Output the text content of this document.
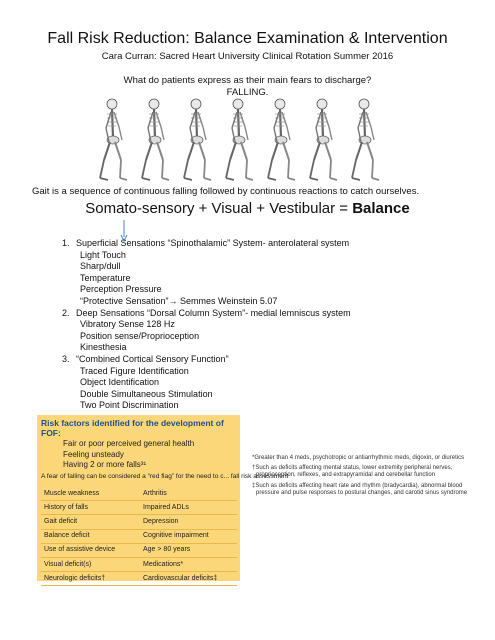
Fall Risk Reduction: Balance Examination & Intervention
Cara Curran: Sacred Heart University Clinical Rotation Summer 2016
What do patients express as their main fears to discharge?
FALLING.
Gait is a sequence of continuous falling followed by continuous reactions to catch ourselves.
Somato-sensory + Visual + Vestibular = Balance
1. Superficial Sensations “Spinothalamic” System- anterolateral system
Light Touch
Sharp/dull
Temperature
Perception Pressure
“Protective Sensation”→ Semmes Weinstein 5.07
2. Deep Sensations “Dorsal Column System”- medial lemniscus system
Vibratory Sense 128 Hz
Position sense/Proprioception
Kinesthesia
3. “Combined Cortical Sensory Function”
Traced Figure Identification
Object Identification
Double Simultaneous Stimulation
Two Point Discrimination
Risk factors identified for the development of FOF:
Fair or poor perceived general health
Feeling unsteady
Having 2 or more falls³¹
A fear of falling can be considered a “red flag” for the need to c... fall risk assessment
Muscle weakness	Arthritis
History of falls	Impaired ADLs
Gait deficit	Depression
Balance deficit	Cognitive impairment
Use of assistive device	Age > 80 years
Visual deficit(s)	Medications*
Neurologic deficits†	Cardiovascular deficits‡

*Greater than 4 meds, psychotropic or antiarrhythmic meds, digoxin, or diuretics

†Such as deficits affecting mental status, lower extremity peripheral nerves, proprioception, reflexes, and extrapyramidal and cerebellar function

‡Such as deficits affecting heart rate and rhythm (bradycardia), abnormal blood pressure and pulse responses to postural changes, and carotid sinus syndrome
